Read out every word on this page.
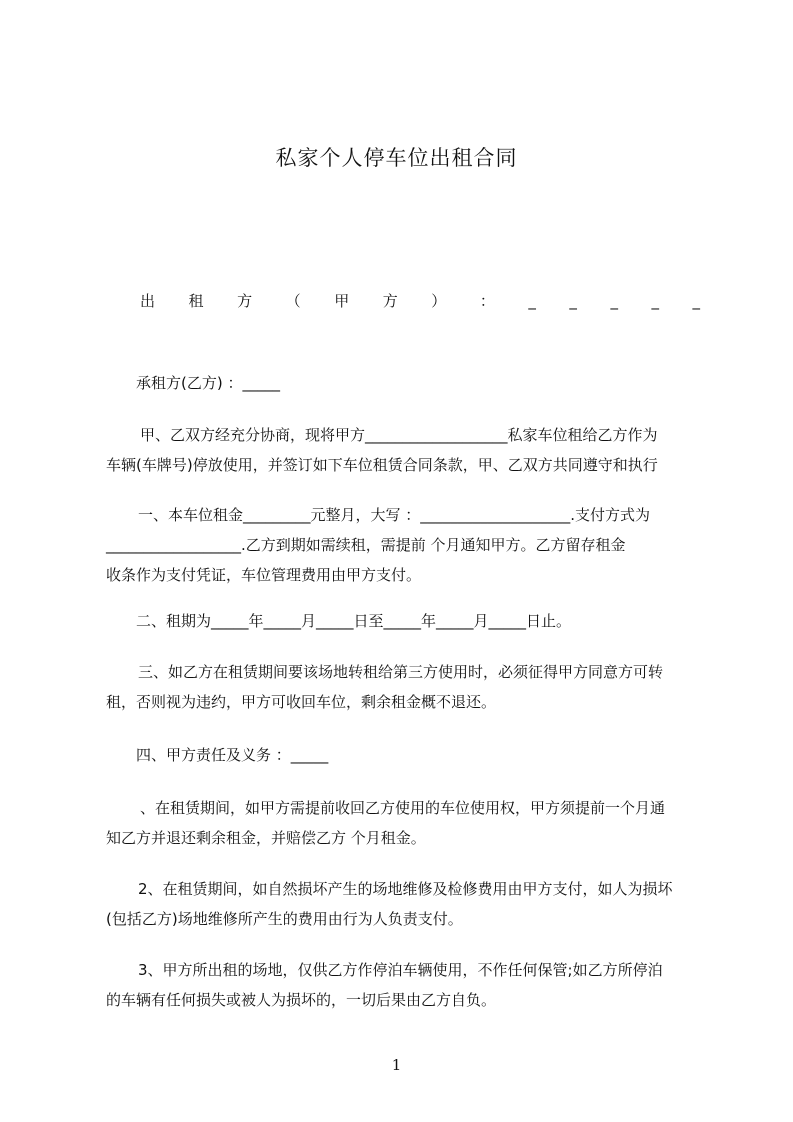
私家个人停车位出租合同
出 租 方 （ 甲 方 ） ： _ _ _ _ _
承租方(乙方) ：_____
甲、乙双方经充分协商，现将甲方___________________私家车位租给乙方作为
车辆(车牌号)停放使用，并签订如下车位租赁合同条款，甲、乙双方共同遵守和执行
一、本车位租金_________元整月，大写 ：____________________.支付方式为
__________________.乙方到期如需续租，需提前 个月通知甲方。乙方留存租金
收条作为支付凭证，车位管理费用由甲方支付。
二、租期为_____年_____月_____日至_____年_____月_____日止。
三、如乙方在租赁期间要该场地转租给第三方使用时，必须征得甲方同意方可转
租，否则视为违约，甲方可收回车位，剩余租金概不退还。
四、甲方责任及义务 ：_____
、在租赁期间，如甲方需提前收回乙方使用的车位使用权，甲方须提前一个月通
知乙方并退还剩余租金，并赔偿乙方 个月租金。
2、在租赁期间，如自然损坏产生的场地维修及检修费用由甲方支付，如人为损坏
(包括乙方)场地维修所产生的费用由行为人负责支付。
3、甲方所出租的场地，仅供乙方作停泊车辆使用，不作任何保管;如乙方所停泊
的车辆有任何损失或被人为损坏的，一切后果由乙方自负。
1
